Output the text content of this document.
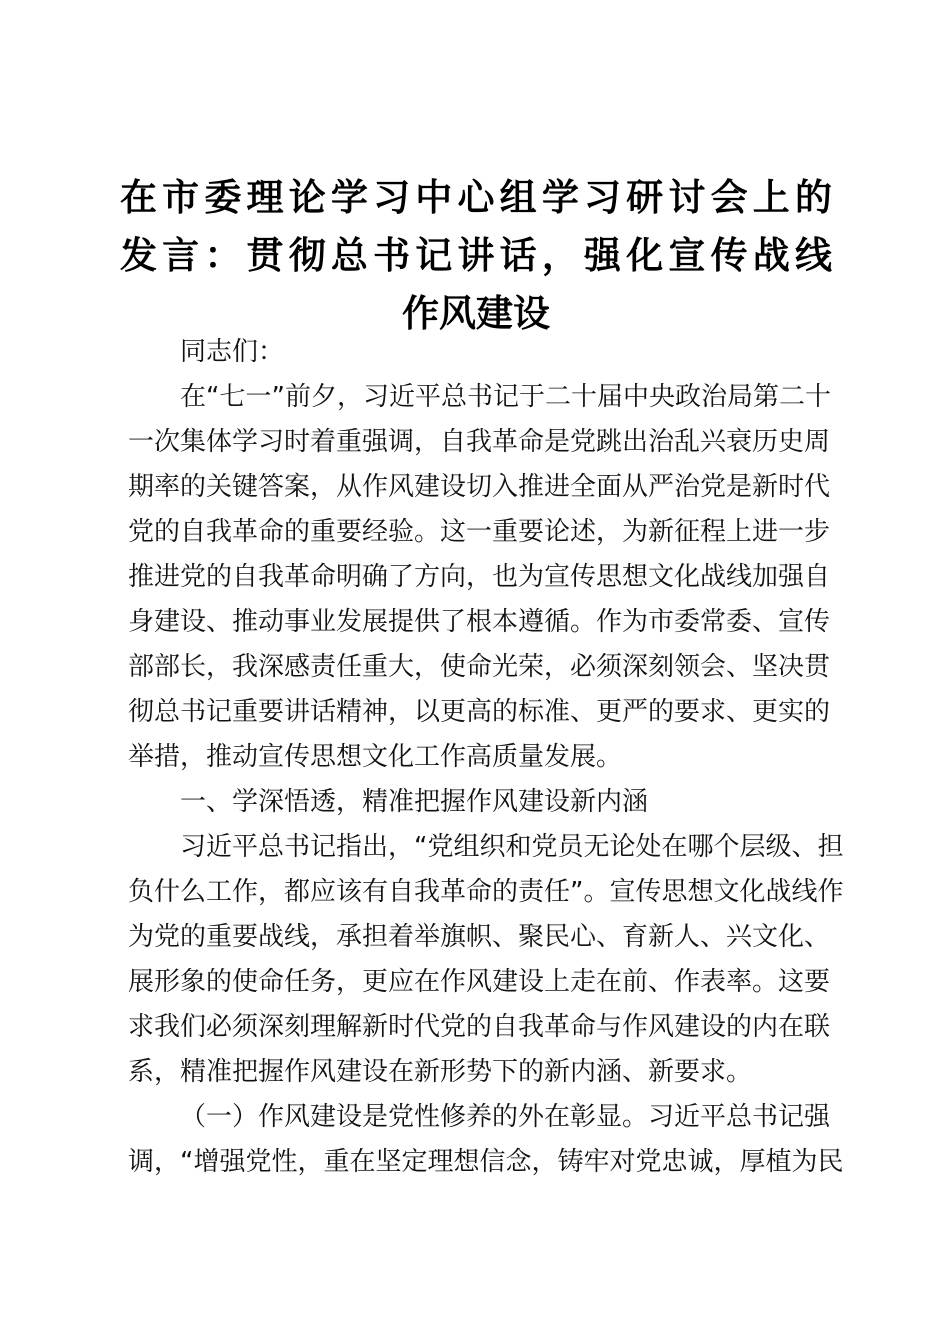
在市委理论学习中心组学习研讨会上的

发言：贯彻总书记讲话，强化宣传战线

作风建设

同志们：
在“七一”前夕，习近平总书记于二十届中央政治局第二十
一次集体学习时着重强调，自我革命是党跳出治乱兴衰历史周
期率的关键答案，从作风建设切入推进全面从严治党是新时代
党的自我革命的重要经验。这一重要论述，为新征程上进一步
推进党的自我革命明确了方向，也为宣传思想文化战线加强自
身建设、推动事业发展提供了根本遵循。作为市委常委、宣传
部部长，我深感责任重大，使命光荣，必须深刻领会、坚决贯
彻总书记重要讲话精神，以更高的标准、更严的要求、更实的
举措，推动宣传思想文化工作高质量发展。
一、学深悟透，精准把握作风建设新内涵
习近平总书记指出，“党组织和党员无论处在哪个层级、担
负什么工作，都应该有自我革命的责任”。宣传思想文化战线作
为党的重要战线，承担着举旗帜、聚民心、育新人、兴文化、
展形象的使命任务，更应在作风建设上走在前、作表率。这要
求我们必须深刻理解新时代党的自我革命与作风建设的内在联
系，精准把握作风建设在新形势下的新内涵、新要求。
（一）作风建设是党性修养的外在彰显。习近平总书记强
调，“增强党性，重在坚定理想信念，铸牢对党忠诚，厚植为民
